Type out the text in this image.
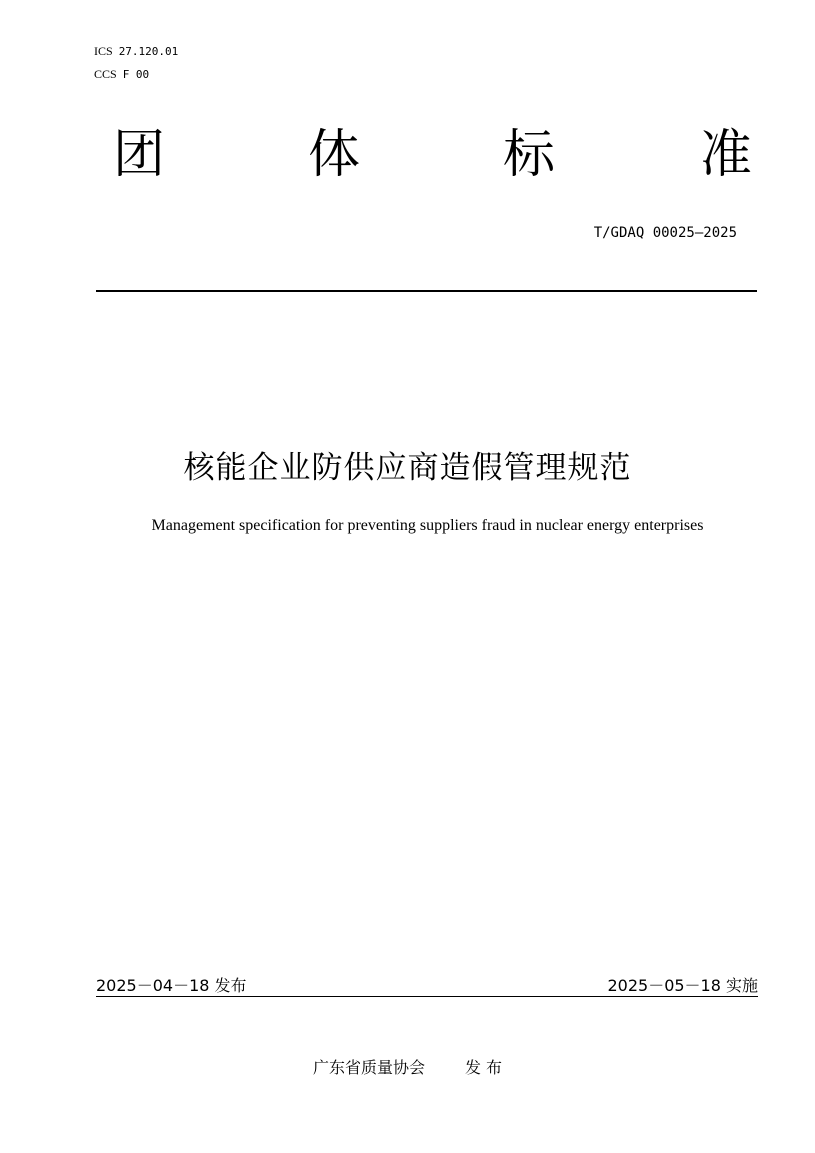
ICS 27.120.01
CCS F 00
团	体	标	准
T/GDAQ 00025—2025
核能企业防供应商造假管理规范
Management specification for preventing suppliers fraud in nuclear energy enterprises
2025－04－18 发布	2025－05－18 实施
广东省质量协会	发 布
